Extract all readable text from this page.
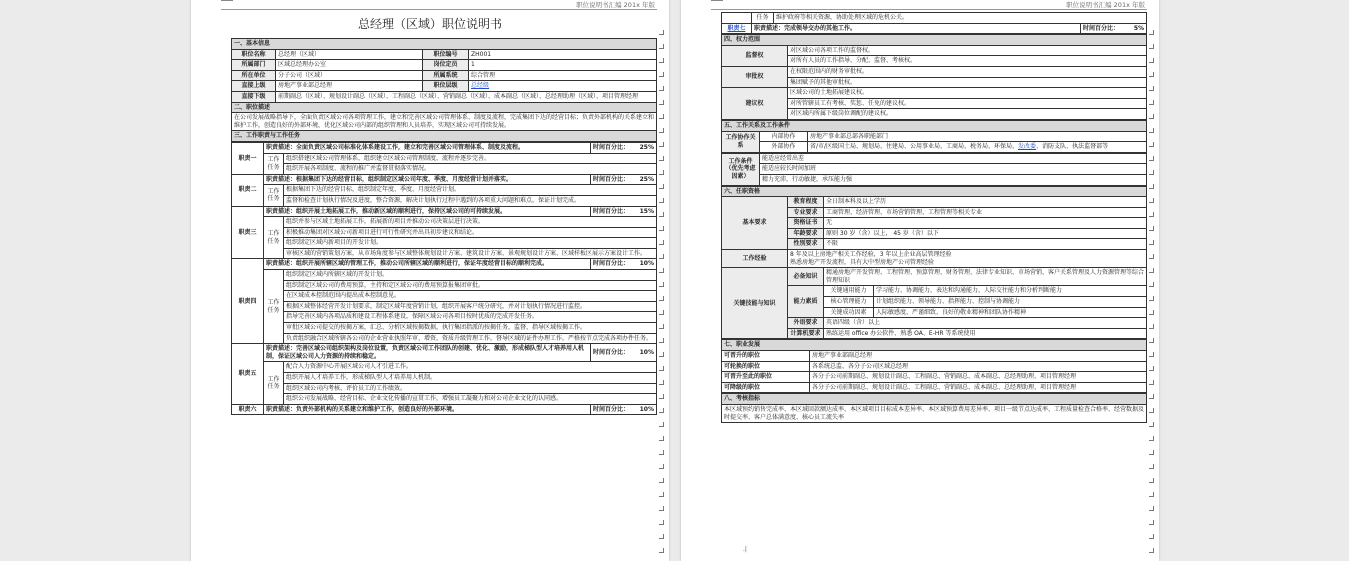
职位说明书汇编 201x 年版
总经理（区域）职位说明书
一、基本信息			
职位名称	总经理（区域）	职位编号	ZH001
所属部门	区域总经理办公室	岗位定员	1
所在单位	分子公司（区域）	所属系统	综合管理
直接上级	房地产事业部总经理	职位层级	总经级
直接下级	前期副总（区域）、规划设计副总（区域）、工程副总（区域）、营销副总（区域）、成本副总（区域）、总经理助理（区域）、项目管理经理		
二、职位描述			
在公司发展战略指导下，全面负责区域公司各项管理工作，建立和完善区域公司管理体系、制度及流程，完成集团下达的经营目标；负责外部机构的关系建立和维护工作，创造良好的外部环境，优化区域公司内部的组织管理和人员培养，实现区域公司可持续发展。			
三、工作职责与工作任务			
职责一	职责描述：全面负责区域公司标准化体系建设工作，建立和完善区域公司管理体系、制度及流程。		时间百分比： 25%

	工作
任务	组织搭建区域公司管理体系，组织建立区域公司管理制度、流程并逐步完善。	
		组织开展各项制度、流程的推广并监督贯彻落实情况。	
职责二	职责描述：根据集团下达的经营目标，组织制定区域公司年度、季度、月度经营计划并落实。		时间百分比： 25%

	工作
任务	根据集团下达的经营目标，组织制定年度、季度、月度经营计划。	
		监督和检查计划执行情况及进度，整合资源，解决计划执行过程中遇到的各项重大问题和难点，保证计划完成。	
职责三	职责描述：组织开展土地拓展工作，推动新区域的顺利进行，保持区域公司的可持续发展。		时间百分比： 15%

	工作
任务	组织并参与区域土地拓展工作，拓展新的项目并推动公司决策层进行决策。	
		积极推动集团对区域公司新项目进行可行性研究并出具初步建议和结论。	
		组织制定区域内新项目的开发计划。	
		审核区域的营销策划方案，从市场角度参与区域整体规划设计方案、建筑设计方案、景观规划设计方案、区域样板区展示方案设计工作。	
职责四	职责描述：组织开展所辖区域的管理工作，推动公司所辖区域的顺利进行，保证年度经营目标的顺利完成。		时间百分比： 10%

	工作
任务	组织制定区域内所辖区域的开发计划。	
		组织制定区域公司的费用预算，主持和定区域公司的费用预算报集团审批。	
		在区域成本控制范围内提出成本控制意见。	
		根据区域整体经营开发计划要求，制定区域年度营销计划，组织开展客户统分研究，并对计划执行情况进行监控。	
		指导完善区域内各项品质和建设工程体系建设，保障区域公司各项目按时优质的完成开发任务。	
		审批区域公司提交的按揭方案，汇总、分析区域按揭数据，执行集团指派的按揭任务，监督、指导区域按揭工作。	
		负责组织融合区域所辖各公司的企业营业执照年审、增资、资质升级管理工作，督导区域的证件办理工作，严格按节点完成各项办件任务。	
职责五	职责描述：完善区域公司组织架构及岗位设置，负责区域公司工作团队的创建、优化、激励，形成梯队型人才培养用人机制，保证区域公司人力资源的持续和稳定。		时间百分比： 10%

	工作
任务	配合人力资源中心开展区域公司人才引进工作。	
		组织开展人才培养工作，形成梯队型人才培养用人机制。	
		组织区域公司内考核、评价员工的工作绩效。	
		组织公司发展战略、经营目标、企业文化传播的宣贯工作，增强员工凝聚力和对公司企业文化的认同感。	
职责六	职责描述：负责外部机构的关系建立和维护工作，创造良好的外部环境。		时间百分比： 10%
职位说明书汇编 201x 年版
	任务	维护政府等相关资源，协助处理区域的危机公关。	
职责七	职责描述：完成领导交办的其他工作。		时间百分比： 5%
四、权力范围	
监督权	对区域公司各项工作的监督权。
	对所有人员的工作指导、分配、监督、考核权。
审批权	在权限范围内的财务审批权。
	集团赋予的其他审批权。
建议权	区域公司的土地拓展建议权。
	对所管辖员工有考核、奖惩、任免的建议权。
	对区域内所属下级岗位调配的建议权。
五、工作关系及工作条件		
工作协作关系	内部协作	房地产事业部总部各职能部门
	外部协作	省/市/区级国土局、规划局、住建局、公用事业局、工商局、税务局、环保局、发改委、消防支队、执法监督部等
工作条件（优先考虑因素）	能适应经常出差
能适应较长时间加班
精力充沛，行动敏捷，承压能力强
六、任职资格			
基本要求	教育程度	全日制本科及以上学历	
	专业要求	工商管理、经济管理、市场营销管理、工程管理等相关专业	
	资格证书	无	
	年龄要求	原则 30 岁（含）以上， 45 岁（含）以下	
	性别要求	不限	
工作经验	8 年及以上房地产相关工作经验，3 年以上企业高层管理经验
熟悉房地产开发流程，具有大中型房地产公司管理经验		
关键技能与知识	必备知识	精通房地产开发管理、工程管理、预算管理、财务管理、法律专业知识、市场营销、客户关系管理及人力资源管理等综合管理知识	
	能力素质	关键通用能力	学习能力、协调能力、表达和沟通能力、人际交往能力和分析判断能力
		核心管理能力	计划组织能力、领导能力、指挥能力、控制与协调能力
		关键成功因素	人际敏感度、严谨细致、良好的敬业精神和团队协作精神
	外语要求	英语四级（含）以上	
	计算机要求	熟练运用 office 办公软件、熟悉 OA、E-HR 等系统使用	
七、职业发展	
可晋升的职位	房地产事业部副总经理
可轮换的职位	各系统总监、各分子公司区域总经理
可晋升至此的职位	各分子公司前期副总、规划设计副总、工程副总、营销副总、成本副总、总经理助理、项目管理经理
可降级的职位	各分子公司前期副总、规划设计副总、工程副总、营销副总、成本副总、总经理助理、项目管理经理
八、考核指标
本区域预约销售完成率、本区域回款额达成率、本区域项目目标成本差异率、本区域预算费用差异率、项目一级节点达成率、工程质量检查合格率、经营数据及时提交率、客户总体满意度、核心员工流失率
.|
